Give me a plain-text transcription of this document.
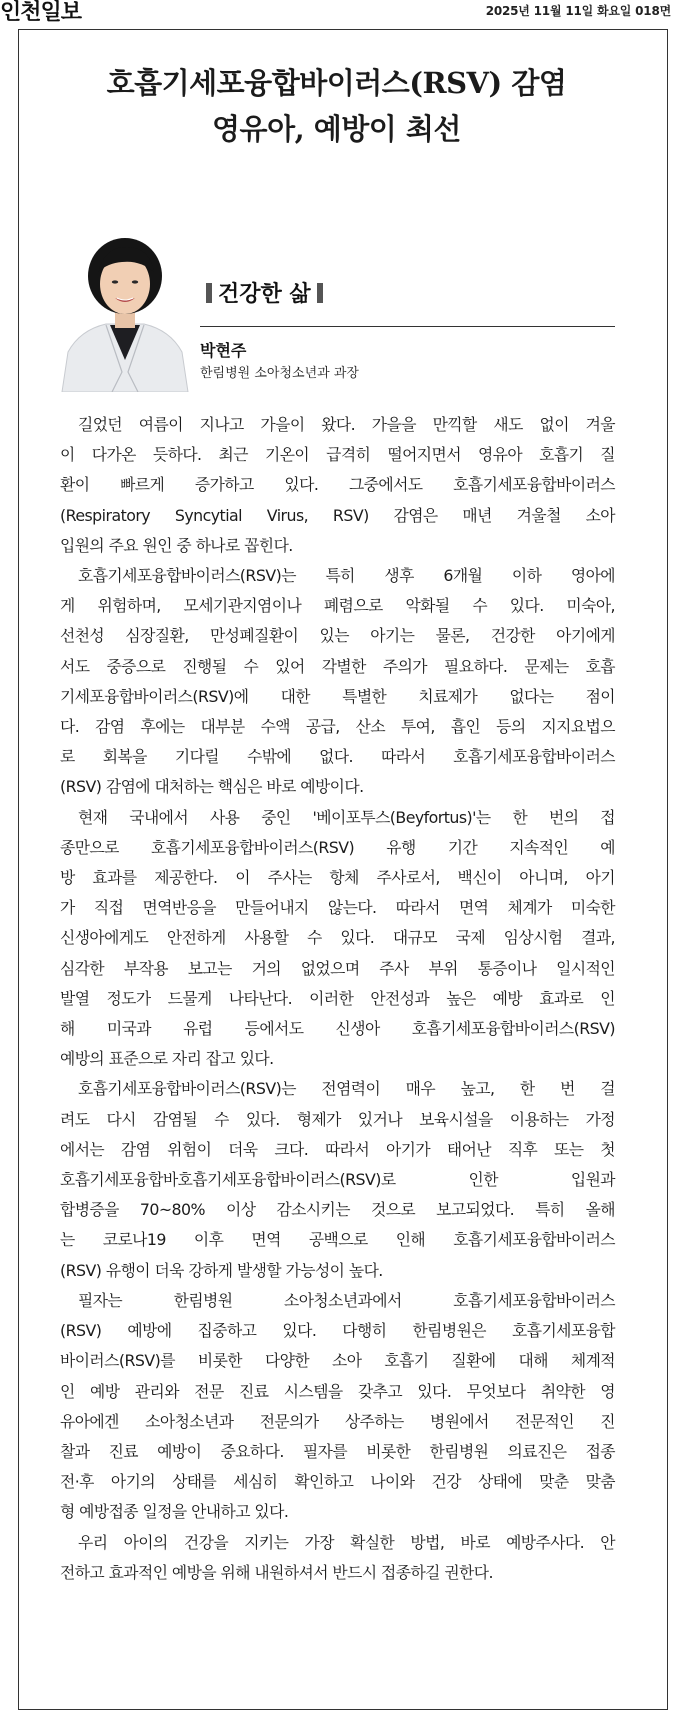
인천일보	2025년 11월 11일 화요일 018면
호흡기세포융합바이러스(RSV) 감염
영유아, 예방이 최선
건강한 삶
박현주
한림병원 소아청소년과 과장

길었던 여름이 지나고 가을이 왔다. 가을을 만끽할 새도 없이 겨울
이 다가온 듯하다. 최근 기온이 급격히 떨어지면서 영유아 호흡기 질
환이 빠르게 증가하고 있다. 그중에서도 호흡기세포융합바이러스
(Respiratory Syncytial Virus, RSV) 감염은 매년 겨울철 소아
입원의 주요 원인 중 하나로 꼽힌다.

호흡기세포융합바이러스(RSV)는 특히 생후 6개월 이하 영아에
게 위험하며, 모세기관지염이나 폐렴으로 악화될 수 있다. 미숙아,
선천성 심장질환, 만성폐질환이 있는 아기는 물론, 건강한 아기에게
서도 중증으로 진행될 수 있어 각별한 주의가 필요하다. 문제는 호흡
기세포융합바이러스(RSV)에 대한 특별한 치료제가 없다는 점이
다. 감염 후에는 대부분 수액 공급, 산소 투여, 흡인 등의 지지요법으
로 회복을 기다릴 수밖에 없다. 따라서 호흡기세포융합바이러스
(RSV) 감염에 대처하는 핵심은 바로 예방이다.

현재 국내에서 사용 중인 '베이포투스(Beyfortus)'는 한 번의 접
종만으로 호흡기세포융합바이러스(RSV) 유행 기간 지속적인 예
방 효과를 제공한다. 이 주사는 항체 주사로서, 백신이 아니며, 아기
가 직접 면역반응을 만들어내지 않는다. 따라서 면역 체계가 미숙한
신생아에게도 안전하게 사용할 수 있다. 대규모 국제 임상시험 결과,
심각한 부작용 보고는 거의 없었으며 주사 부위 통증이나 일시적인
발열 정도가 드물게 나타난다. 이러한 안전성과 높은 예방 효과로 인
해 미국과 유럽 등에서도 신생아 호흡기세포융합바이러스(RSV)
예방의 표준으로 자리 잡고 있다.

호흡기세포융합바이러스(RSV)는 전염력이 매우 높고, 한 번 걸
려도 다시 감염될 수 있다. 형제가 있거나 보육시설을 이용하는 가정
에서는 감염 위험이 더욱 크다. 따라서 아기가 태어난 직후 또는 첫
호흡기세포융합바호흡기세포융합바이러스(RSV)로 인한 입원과
합병증을 70~80% 이상 감소시키는 것으로 보고되었다. 특히 올해
는 코로나19 이후 면역 공백으로 인해 호흡기세포융합바이러스
(RSV) 유행이 더욱 강하게 발생할 가능성이 높다.

필자는 한림병원 소아청소년과에서 호흡기세포융합바이러스
(RSV) 예방에 집중하고 있다. 다행히 한림병원은 호흡기세포융합
바이러스(RSV)를 비롯한 다양한 소아 호흡기 질환에 대해 체계적
인 예방 관리와 전문 진료 시스템을 갖추고 있다. 무엇보다 취약한 영
유아에겐 소아청소년과 전문의가 상주하는 병원에서 전문적인 진
찰과 진료 예방이 중요하다. 필자를 비롯한 한림병원 의료진은 접종
전·후 아기의 상태를 세심히 확인하고 나이와 건강 상태에 맞춘 맞춤
형 예방접종 일정을 안내하고 있다.

우리 아이의 건강을 지키는 가장 확실한 방법, 바로 예방주사다. 안
전하고 효과적인 예방을 위해 내원하셔서 반드시 접종하길 권한다.
